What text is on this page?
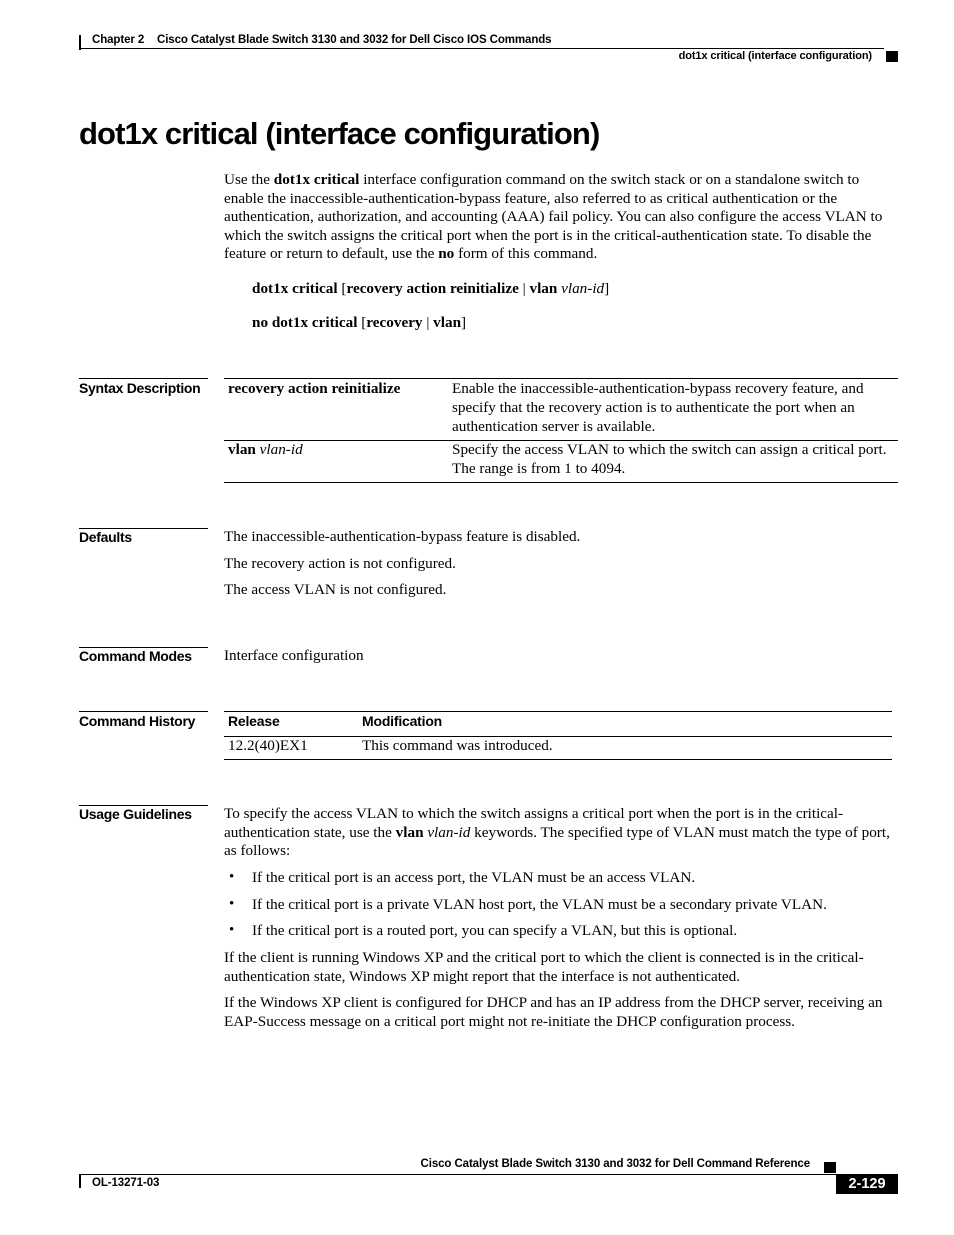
Chapter 2 Cisco Catalyst Blade Switch 3130 and 3032 for Dell Cisco IOS Commands
dot1x critical (interface configuration)
dot1x critical (interface configuration)

Use the dot1x critical interface configuration command on the switch stack or on a standalone switch to enable the inaccessible-authentication-bypass feature, also referred to as critical authentication or the authentication, authorization, and accounting (AAA) fail policy. You can also configure the access VLAN to which the switch assigns the critical port when the port is in the critical-authentication state. To disable the feature or return to default, use the no form of this command.

dot1x critical [recovery action reinitialize | vlan vlan-id]
no dot1x critical [recovery | vlan]
Syntax Description recovery action reinitialize	Enable the inaccessible-authentication-bypass recovery feature, and specify that the recovery action is to authenticate the port when an authentication server is available.
vlan vlan-id	Specify the access VLAN to which the switch can assign a critical port. The range is from 1 to 4094.
Defaults	The inaccessible-authentication-bypass feature is disabled.
The recovery action is not configured.
The access VLAN is not configured.
Command Modes Interface configuration
Command History Release	Modification
12.2(40)EX1	This command was introduced.
Usage Guidelines To specify the access VLAN to which the switch assigns a critical port when the port is in the critical-authentication state, use the vlan vlan-id keywords. The specified type of VLAN must match the type of port, as follows:

• If the critical port is an access port, the VLAN must be an access VLAN.
• If the critical port is a private VLAN host port, the VLAN must be a secondary private VLAN.
• If the critical port is a routed port, you can specify a VLAN, but this is optional.

If the client is running Windows XP and the critical port to which the client is connected is in the critical-authentication state, Windows XP might report that the interface is not authenticated.

If the Windows XP client is configured for DHCP and has an IP address from the DHCP server, receiving an EAP-Success message on a critical port might not re-initiate the DHCP configuration process.

Cisco Catalyst Blade Switch 3130 and 3032 for Dell Command Reference
OL-13271-03	2-129
